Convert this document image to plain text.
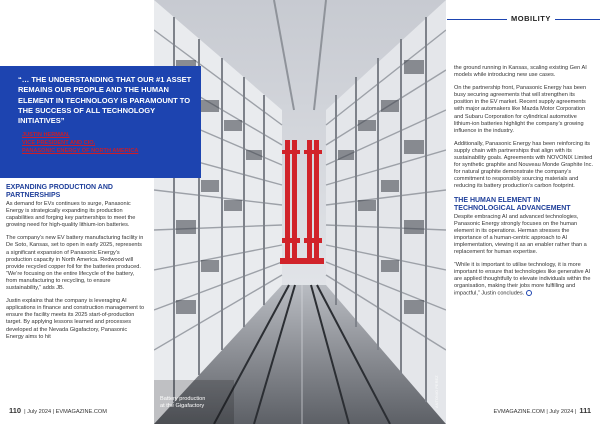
MOBILITY
Battery production
at the Gigafactory	ANTONIO PEREZ
“… THE UNDERSTANDING THAT OUR #1 ASSET REMAINS OUR PEOPLE AND THE HUMAN ELEMENT IN TECHNOLOGY IS PARAMOUNT TO THE SUCCESS OF ALL TECHNOLOGY INITIATIVES”
JUSTIN HERMAN,
VICE PRESIDENT AND CIO,
PANASONIC ENERGY OF NORTH AMERICA
EXPANDING PRODUCTION AND PARTNERSHIPS

As demand for EVs continues to surge, Panasonic Energy is strategically expanding its production capabilities and forging key partnerships to meet the growing need for high-quality lithium-ion batteries.

The company’s new EV battery manufacturing facility in De Soto, Kansas, set to open in early 2025, represents a significant expansion of Panasonic Energy’s production capacity in North America. Redwood will provide recycled copper foil for the batteries produced. “We’re focusing on the entire lifecycle of the battery, from manufacturing to recycling, to ensure sustainability,” adds JB.

Justin explains that the company is leveraging AI applications in finance and construction management to ensure the facility meets its 2025 start-of-production target. By applying lessons learned and processes developed at the Nevada Gigafactory, Panasonic Energy aims to hit

the ground running in Kansas, scaling existing Gen AI models while introducing new use cases.

On the partnership front, Panasonic Energy has been busy securing agreements that will strengthen its position in the EV market. Recent supply agreements with major automakers like Mazda Motor Corporation and Subaru Corporation for cylindrical automotive lithium-ion batteries highlight the company’s growing influence in the industry.

Additionally, Panasonic Energy has been reinforcing its supply chain with partnerships that align with its sustainability goals. Agreements with NOVONIX Limited for synthetic graphite and Nouveau Monde Graphite Inc. for natural graphite demonstrate the company’s commitment to responsibly sourcing materials and reducing its battery production’s carbon footprint.

THE HUMAN ELEMENT IN TECHNOLOGICAL ADVANCEMENT

Despite embracing AI and advanced technologies, Panasonic Energy strongly focuses on the human element in its operations. Herman stresses the importance of a human-centric approach to AI implementation, viewing it as an enabler rather than a replacement for human expertise.

“While it is important to utilise technology, it is more important to ensure that technologies like generative AI are applied thoughtfully to elevate individuals within the organisation, making their jobs more fulfilling and impactful,” Justin concludes.

110 | July 2024 | EVMAGAZINE.COM	EVMAGAZINE.COM | July 2024 | 111
